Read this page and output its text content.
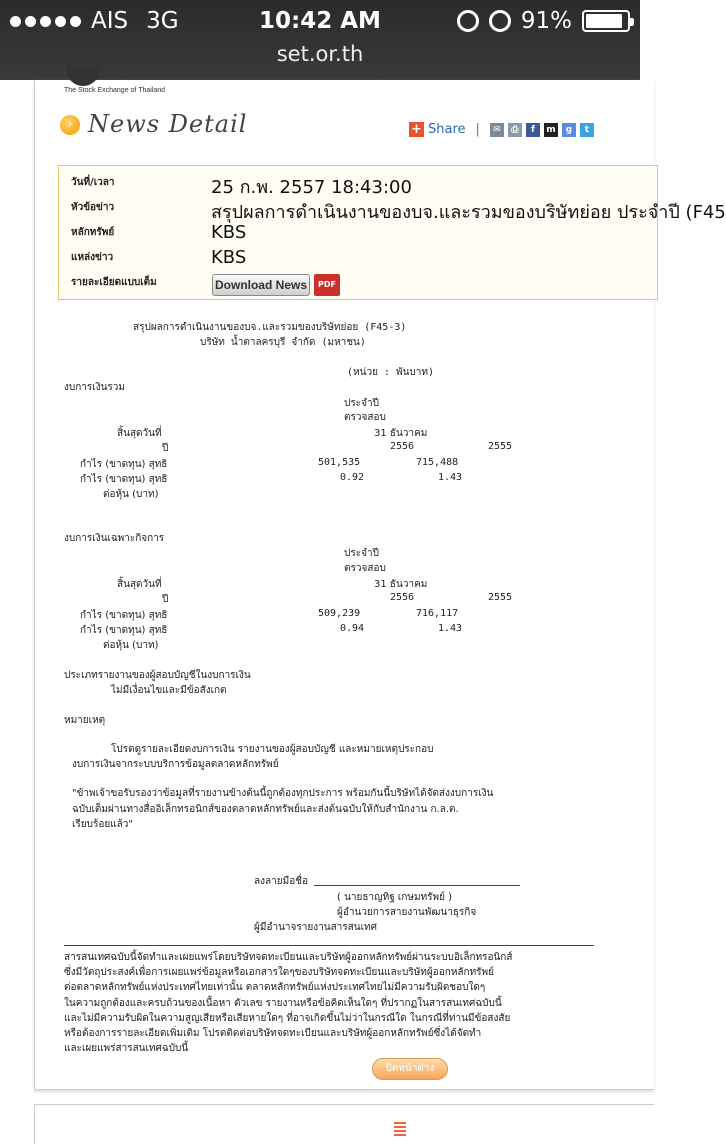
AIS 3G	10:42 AM	91%
set.or.th
The Stock Exchange of Thailand
› News Detail	+ Share |	✉	⎙	f	m	g	t
วันที่/เวลา	25 ก.พ. 2557 18:43:00
หัวข้อข่าว	สรุปผลการดำเนินงานของบจ.และรวมของบริษัทย่อย ประจำปี (F45
หลักทรัพย์	KBS
แหล่งข่าว	KBS
รายละเอียดแบบเต็ม	Download News	PDF
สรุปผลการดำเนินงานของบจ.และรวมของบริษัทย่อย (F45-3)
บริษัท น้ำตาลครบุรี จำกัด (มหาชน)
(หน่วย : พันบาท)
งบการเงินรวม
ประจำปี
ตรวจสอบ
สิ้นสุดวันที่	31 ธันวาคม
ปี	2556	2555
กำไร (ขาดทุน) สุทธิ	501,535	715,488
กำไร (ขาดทุน) สุทธิ	0.92	1.43
ต่อหุ้น (บาท)
งบการเงินเฉพาะกิจการ
ประจำปี
ตรวจสอบ
สิ้นสุดวันที่	31 ธันวาคม
ปี	2556	2555
กำไร (ขาดทุน) สุทธิ	509,239	716,117
กำไร (ขาดทุน) สุทธิ	0.94	1.43
ต่อหุ้น (บาท)
ประเภทรายงานของผู้สอบบัญชีในงบการเงิน
ไม่มีเงื่อนไขและมีข้อสังเกต
หมายเหตุ
โปรดดูรายละเอียดงบการเงิน รายงานของผู้สอบบัญชี และหมายเหตุประกอบ
งบการเงินจากระบบบริการข้อมูลตลาดหลักทรัพย์
"ข้าพเจ้าขอรับรองว่าข้อมูลที่รายงานข้างต้นนี้ถูกต้องทุกประการ พร้อมกันนี้บริษัทได้จัดส่งงบการเงิน
ฉบับเต็มผ่านทางสื่ออิเล็กทรอนิกส์ของตลาดหลักทรัพย์และส่งต้นฉบับให้กับสำนักงาน ก.ล.ต.
เรียบร้อยแล้ว"
ลงลายมือชื่อ
( นายธาญทิฐ เกษมทรัพย์ )
ผู้อำนวยการสายงานพัฒนาธุรกิจ
ผู้มีอำนาจรายงานสารสนเทศ
สารสนเทศฉบับนี้จัดทำและเผยแพร่โดยบริษัทจดทะเบียนและบริษัทผู้ออกหลักทรัพย์ผ่านระบบอิเล็กทรอนิกส์
ซึ่งมีวัตถุประสงค์เพื่อการเผยแพร่ข้อมูลหรือเอกสารใดๆของบริษัทจดทะเบียนและบริษัทผู้ออกหลักทรัพย์
ต่อตลาดหลักทรัพย์แห่งประเทศไทยเท่านั้น ตลาดหลักทรัพย์แห่งประเทศไทยไม่มีความรับผิดชอบใดๆ
ในความถูกต้องและครบถ้วนของเนื้อหา ตัวเลข รายงานหรือข้อคิดเห็นใดๆ ที่ปรากฏในสารสนเทศฉบับนี้
และไม่มีความรับผิดในความสูญเสียหรือเสียหายใดๆ ที่อาจเกิดขึ้นไม่ว่าในกรณีใด ในกรณีที่ท่านมีข้อสงสัย
หรือต้องการรายละเอียดเพิ่มเติม โปรดติดต่อบริษัทจดทะเบียนและบริษัทผู้ออกหลักทรัพย์ซึ่งได้จัดทำ
และเผยแพร่สารสนเทศฉบับนี้
ปิดหน้าต่าง
